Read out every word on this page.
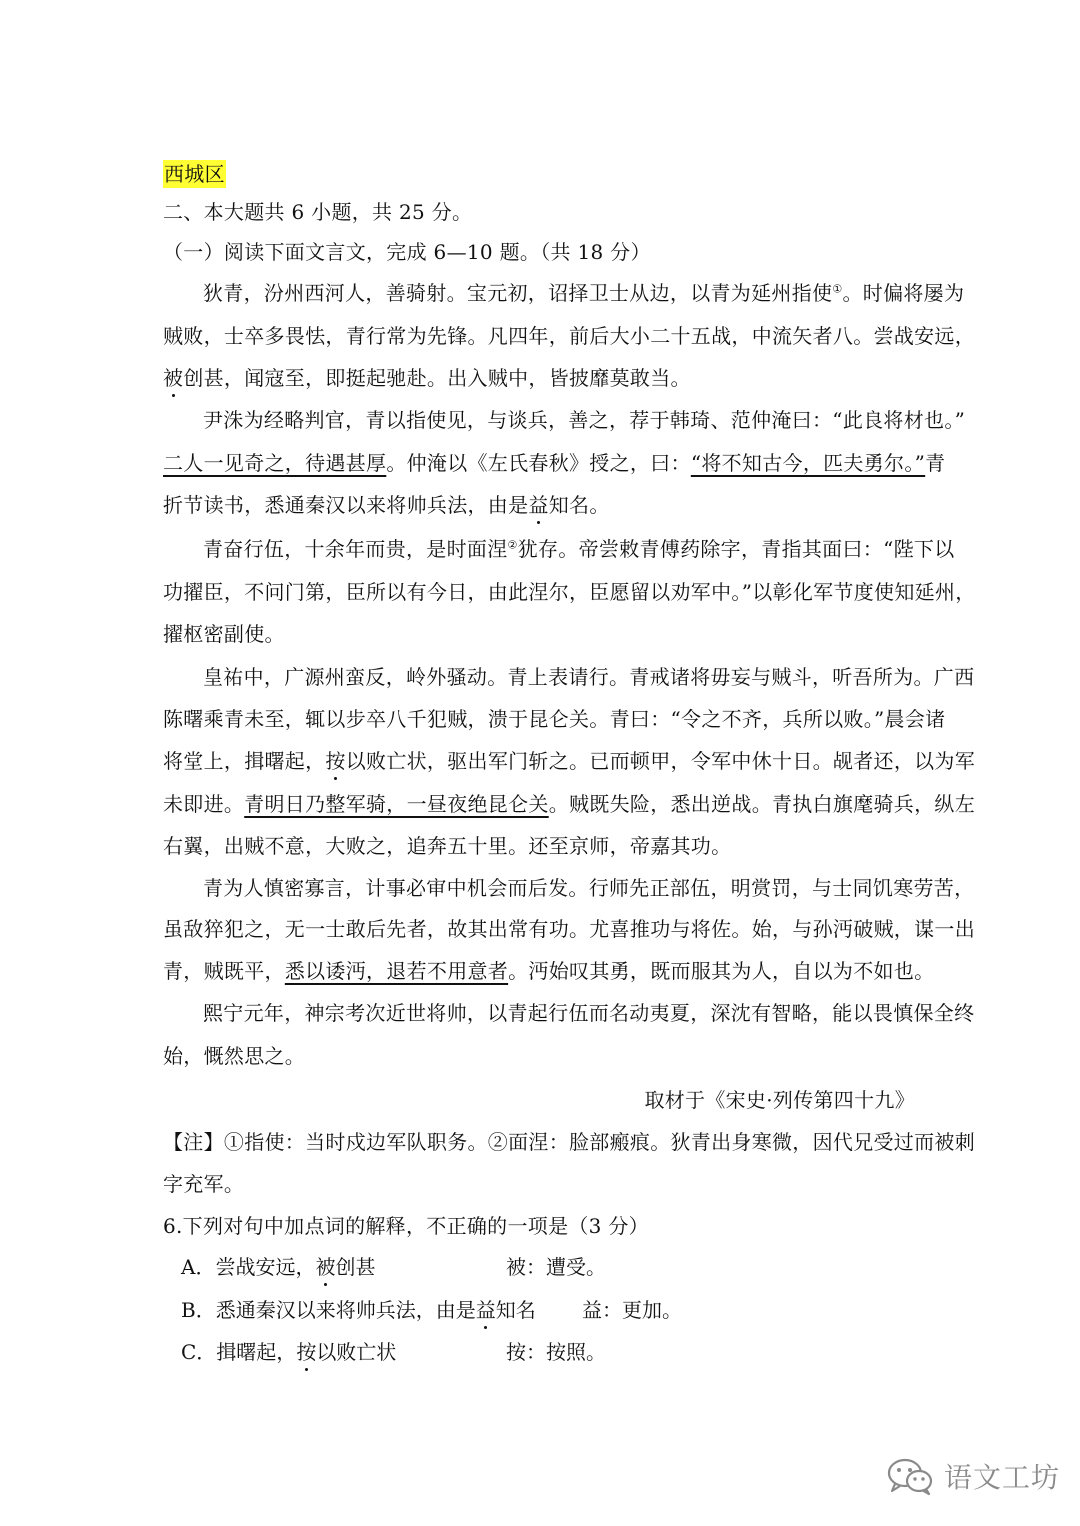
西城区
二、本大题共 6 小题，共 25 分。
（一）阅读下面文言文，完成 6—10 题。（共 18 分）
狄青，汾州西河人，善骑射。宝元初，诏择卫士从边，以青为延州指使①。时偏将屡为
贼败，士卒多畏怯，青行常为先锋。凡四年，前后大小二十五战，中流矢者八。尝战安远，
被创甚，闻寇至，即挺起驰赴。出入贼中，皆披靡莫敢当。
尹洙为经略判官，青以指使见，与谈兵，善之，荐于韩琦、范仲淹曰：“此良将材也。”
二人一见奇之，待遇甚厚。仲淹以《左氏春秋》授之，曰：“将不知古今，匹夫勇尔。”青
折节读书，悉通秦汉以来将帅兵法，由是益知名。
青奋行伍，十余年而贵，是时面涅②犹存。帝尝敕青傅药除字，青指其面曰：“陛下以
功擢臣，不问门第，臣所以有今日，由此涅尔，臣愿留以劝军中。”以彰化军节度使知延州，
擢枢密副使。
皇祐中，广源州蛮反，岭外骚动。青上表请行。青戒诸将毋妄与贼斗，听吾所为。广西
陈曙乘青未至，辄以步卒八千犯贼，溃于昆仑关。青曰：“令之不齐，兵所以败。”晨会诸
将堂上，揖曙起，按以败亡状，驱出军门斩之。已而顿甲，令军中休十日。觇者还，以为军
未即进。青明日乃整军骑，一昼夜绝昆仑关。贼既失险，悉出逆战。青执白旗麾骑兵，纵左
右翼，出贼不意，大败之，追奔五十里。还至京师，帝嘉其功。
青为人慎密寡言，计事必审中机会而后发。行师先正部伍，明赏罚，与士同饥寒劳苦，
虽敌猝犯之，无一士敢后先者，故其出常有功。尤喜推功与将佐。始，与孙沔破贼，谋一出
青，贼既平，悉以诿沔，退若不用意者。沔始叹其勇，既而服其为人，自以为不如也。
熙宁元年，神宗考次近世将帅，以青起行伍而名动夷夏，深沈有智略，能以畏慎保全终
始，慨然思之。
取材于《宋史·列传第四十九》
【注】①指使：当时戍边军队职务。②面涅：脸部瘢痕。狄青出身寒微，因代兄受过而被刺
字充军。
6.下列对句中加点词的解释，不正确的一项是（3 分）
A．尝战安远，被创甚	被：遭受。
B．悉通秦汉以来将帅兵法，由是益知名 益：更加。
C．揖曙起，按以败亡状	按：按照。
语文工坊
